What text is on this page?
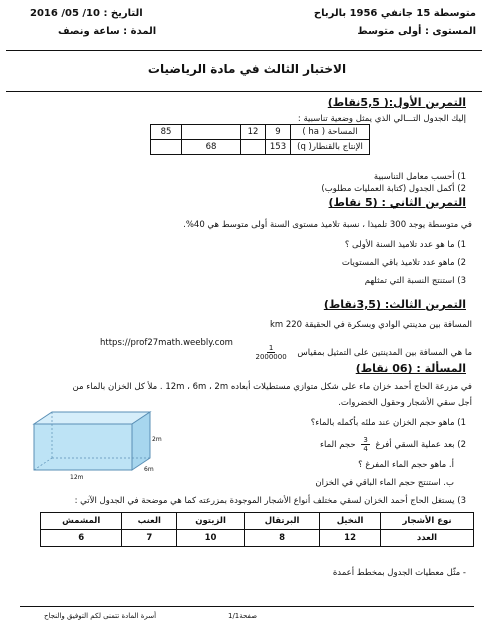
متوسطة 15 جانفي 1956 بالرباح
التاريخ : 10/ 05/ 2016
المستوى : أولى متوسط
المدة : ساعة ونصف
الاختبار الثالث في مادة الرياضيات
التمرين الأول:( 5,5نقاط)
إليك الجدول التـــالي الذي يمثل وضعية تناسبية :
85		12	9	المساحة ( ha )
	68		153	الإنتاج بالقنطار( q)
1) أحسب معامل التناسبية
2) أكمل الجدول (كتابة العمليات مطلوب)
التمرين الثاني : (5 نقاط)
في متوسطة يوجد 300 تلميذا ، نسبة تلاميذ مستوى السنة أولى متوسط هي 40%.
1) ما هو عدد تلاميذ السنة الأولى ؟
2) ماهو عدد تلاميذ باقي المستويات
3) استنتج النسبة التي تمثلهم
التمرين الثالث: (3,5نقاط)
المسافة بين مدينتي الوادي وبسكرة في الحقيقة 220 km
https://prof27math.weebly.com
ما هي المسافة بين المدينتين على التمثيل بمقياس
$\frac{1}{2000000}$
المسألة : (06 نقاط)
في مزرعة الحاج أحمد خزان ماء على شكل متوازي مستطيلات أبعاده 12m ، 6m ، 2m . ملأ كل الخزان بالماء من
أجل سقي الأشجار وحقول الخضروات.
2m
6m
12m
1) ماهو حجم الخزان عند ملئه بأكمله بالماء؟
2) بعد عملية السقي أفرغ
$\frac{3}{4}$
حجم الماء
أ. ماهو حجم الماء المفرغ ؟
ب. استنتج حجم الماء الباقي في الخزان
3) يستغل الحاج أحمد الخزان لسقي مختلف أنواع الأشجار الموجودة بمزرعته كما هي موضحة في الجدول الآتي :
نوع الأشجار	النخيل	البرتقال	الزيتون	العنب	المشمش
العدد	12	8	10	7	6
- مثّل معطيات الجدول بمخطط أعمدة
صفحة1/1
أسرة المادة تتمنى لكم التوفيق والنجاح
